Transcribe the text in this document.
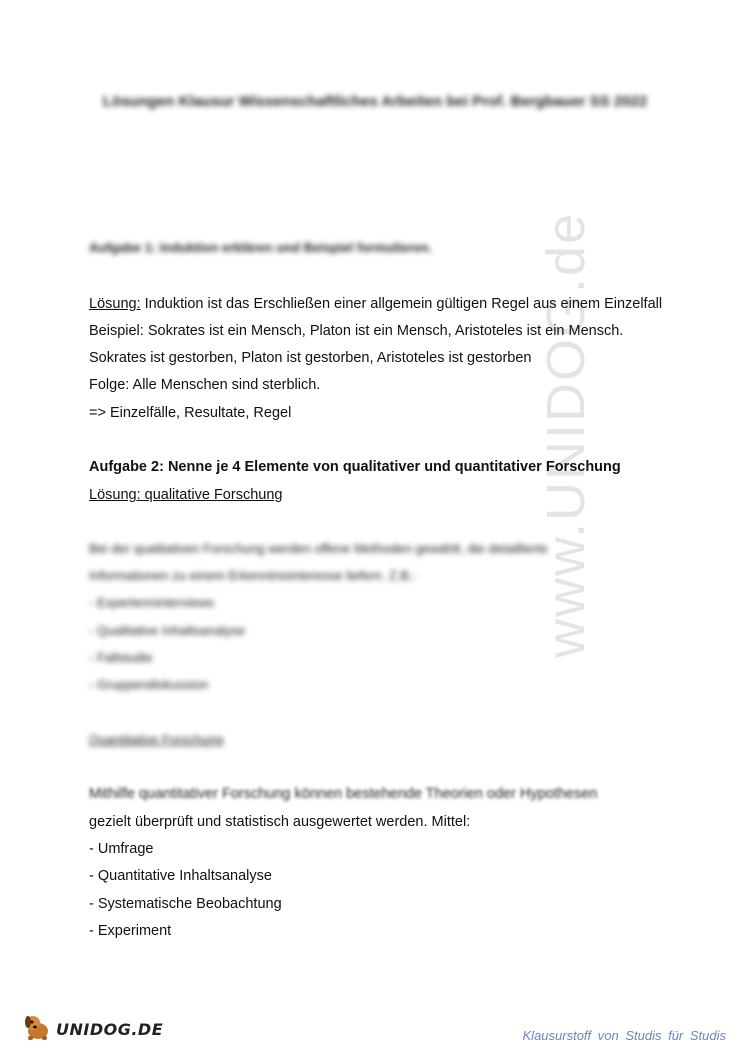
www.UNIDOG.de
Lösungen Klausur Wissenschaftliches Arbeiten bei Prof. Bergbauer SS 2022
Aufgabe 1: Induktion erklären und Beispiel formulieren.
Lösung: Induktion ist das Erschließen einer allgemein gültigen Regel aus einem Einzelfall
Beispiel: Sokrates ist ein Mensch, Platon ist ein Mensch, Aristoteles ist ein Mensch.
Sokrates ist gestorben, Platon ist gestorben, Aristoteles ist gestorben
Folge: Alle Menschen sind sterblich.
=> Einzelfälle, Resultate, Regel
Aufgabe 2: Nenne je 4 Elemente von qualitativer und quantitativer Forschung
Lösung: qualitative Forschung
Bei der qualitativen Forschung werden offene Methoden gewählt, die detaillierte
Informationen zu einem Erkenntnisinteresse liefern. Z.B.:
- Expertenninterviews
- Qualitative Inhaltsanalyse
- Fallstudie
- Gruppendiskussion
Quantitative Forschung
Mithilfe quantitativer Forschung können bestehende Theorien oder Hypothesen
gezielt überprüft und statistisch ausgewertet werden. Mittel:
- Umfrage
- Quantitative Inhaltsanalyse
- Systematische Beobachtung
- Experiment
UNIDOG.DE	Klausurstoff von Studis für Studis
